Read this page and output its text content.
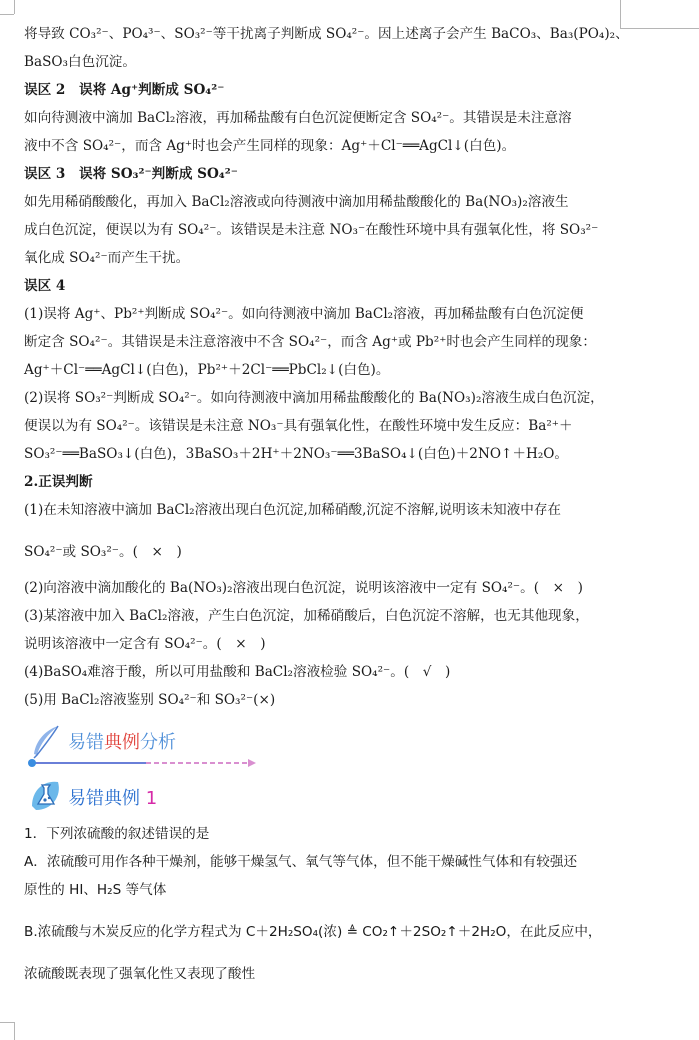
将导致 CO₃²⁻、PO₄³⁻、SO₃²⁻等干扰离子判断成 SO₄²⁻。因上述离子会产生 BaCO₃、Ba₃(PO₄)₂、
BaSO₃白色沉淀。
误区 2　误将 Ag⁺判断成 SO₄²⁻
如向待测液中滴加 BaCl₂溶液，再加稀盐酸有白色沉淀便断定含 SO₄²⁻。其错误是未注意溶
液中不含 SO₄²⁻，而含 Ag⁺时也会产生同样的现象：Ag⁺＋Cl⁻══AgCl↓(白色)。
误区 3　误将 SO₃²⁻判断成 SO₄²⁻
如先用稀硝酸酸化，再加入 BaCl₂溶液或向待测液中滴加用稀盐酸酸化的 Ba(NO₃)₂溶液生
成白色沉淀，便误以为有 SO₄²⁻。该错误是未注意 NO₃⁻在酸性环境中具有强氧化性，将 SO₃²⁻
氧化成 SO₄²⁻而产生干扰。
误区 4
(1)误将 Ag⁺、Pb²⁺判断成 SO₄²⁻。如向待测液中滴加 BaCl₂溶液，再加稀盐酸有白色沉淀便
断定含 SO₄²⁻。其错误是未注意溶液中不含 SO₄²⁻，而含 Ag⁺或 Pb²⁺时也会产生同样的现象：
Ag⁺＋Cl⁻══AgCl↓(白色)，Pb²⁺＋2Cl⁻══PbCl₂↓(白色)。
(2)误将 SO₃²⁻判断成 SO₄²⁻。如向待测液中滴加用稀盐酸酸化的 Ba(NO₃)₂溶液生成白色沉淀，
便误以为有 SO₄²⁻。该错误是未注意 NO₃⁻具有强氧化性，在酸性环境中发生反应：Ba²⁺＋
SO₃²⁻══BaSO₃↓(白色)，3BaSO₃＋2H⁺＋2NO₃⁻══3BaSO₄↓(白色)＋2NO↑＋H₂O。
2.正误判断
(1)在未知溶液中滴加 BaCl₂溶液出现白色沉淀,加稀硝酸,沉淀不溶解,说明该未知液中存在
SO₄²⁻或 SO₃²⁻。(　×　)
(2)向溶液中滴加酸化的 Ba(NO₃)₂溶液出现白色沉淀，说明该溶液中一定有 SO₄²⁻。(　×　)
(3)某溶液中加入 BaCl₂溶液，产生白色沉淀，加稀硝酸后，白色沉淀不溶解，也无其他现象，
说明该溶液中一定含有 SO₄²⁻。(　×　)
(4)BaSO₄难溶于酸，所以可用盐酸和 BaCl₂溶液检验 SO₄²⁻。(　√　)
(5)用 BaCl₂溶液鉴别 SO₄²⁻和 SO₃²⁻(×)
易错典例分析
易错典例 1
1．下列浓硫酸的叙述错误的是
A．浓硫酸可用作各种干燥剂，能够干燥氢气、氧气等气体，但不能干燥碱性气体和有较强还
原性的 HI、H₂S 等气体
B.浓硫酸与木炭反应的化学方程式为 C＋2H₂SO₄(浓) ≜ CO₂↑＋2SO₂↑＋2H₂O，在此反应中，
浓硫酸既表现了强氧化性又表现了酸性
